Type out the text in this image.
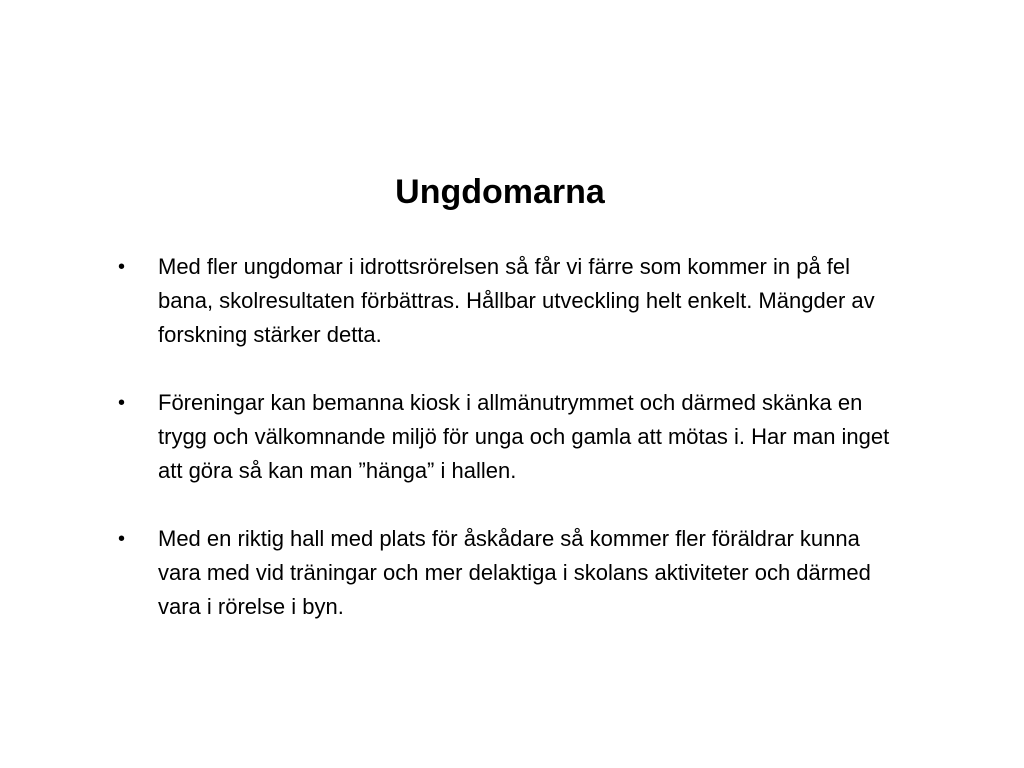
Ungdomarna
• Med fler ungdomar i idrottsrörelsen så får vi färre som kommer in på fel bana, skolresultaten förbättras. Hållbar utveckling helt enkelt. Mängder av forskning stärker detta.
• Föreningar kan bemanna kiosk i allmänutrymmet och därmed skänka en trygg och välkomnande miljö för unga och gamla att mötas i. Har man inget att göra så kan man ”hänga” i hallen.
• Med en riktig hall med plats för åskådare så kommer fler föräldrar kunna vara med vid träningar och mer delaktiga i skolans aktiviteter och därmed vara i rörelse i byn.
